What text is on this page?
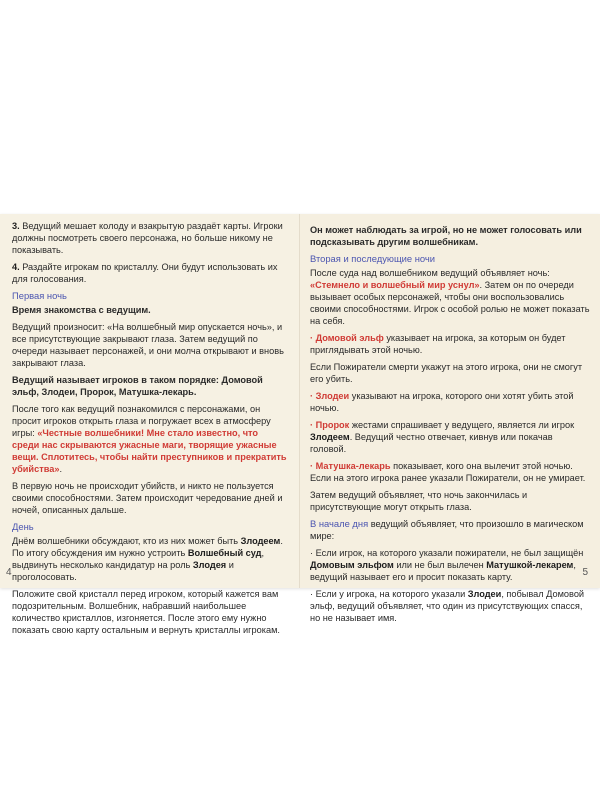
3. Ведущий мешает колоду и взакрытую раздаёт карты. Игроки должны посмотреть своего персонажа, но больше никому не показывать.

4. Раздайте игрокам по кристаллу. Они будут использовать их для голосования.

Первая ночь

Время знакомства с ведущим.

Ведущий произносит: «На волшебный мир опускается ночь», и все присутствующие закрывают глаза. Затем ведущий по очереди называет персонажей, и они молча открывают и вновь закрывают глаза.

Ведущий называет игроков в таком порядке: Домовой эльф, Злодеи, Пророк, Матушка-лекарь.

После того как ведущий познакомился с персонажами, он просит игроков открыть глаза и погружает всех в атмосферу игры: «Честные волшебники! Мне стало известно, что среди нас скрываются ужасные маги, творящие ужасные вещи. Сплотитесь, чтобы найти преступников и прекратить убийства».

В первую ночь не происходит убийств, и никто не пользуется своими способностями. Затем происходит чередование дней и ночей, описанных дальше.

День

Днём волшебники обсуждают, кто из них может быть Злодеем. По итогу обсуждения им нужно устроить Волшебный суд, выдвинуть несколько кандидатур на роль Злодея и проголосовать.

Положите свой кристалл перед игроком, который кажется вам подозрительным. Волшебник, набравший наибольшее количество кристаллов, изгоняется. После этого ему нужно показать свою карту остальным и вернуть кристаллы игрокам.

4

Он может наблюдать за игрой, но не может голосовать или подсказывать другим волшебникам.

Вторая и последующие ночи

После суда над волшебником ведущий объявляет ночь: «Стемнело и волшебный мир уснул». Затем он по очереди вызывает особых персонажей, чтобы они воспользовались своими способностями. Игрок с особой ролью не может показать на себя.

· Домовой эльф указывает на игрока, за которым он будет приглядывать этой ночью.

Если Пожиратели смерти укажут на этого игрока, они не смогут его убить.

· Злодеи указывают на игрока, которого они хотят убить этой ночью.

· Пророк жестами спрашивает у ведущего, является ли игрок Злодеем. Ведущий честно отвечает, кивнув или покачав головой.

· Матушка-лекарь показывает, кого она вылечит этой ночью. Если на этого игрока ранее указали Пожиратели, он не умирает.

Затем ведущий объявляет, что ночь закончилась и присутствующие могут открыть глаза.

В начале дня ведущий объявляет, что произошло в магическом мире:

· Если игрок, на которого указали пожиратели, не был защищён Домовым эльфом или не был вылечен Матушкой-лекарем, ведущий называет его и просит показать карту.

· Если у игрока, на которого указали Злодеи, побывал Домовой эльф, ведущий объявляет, что один из присутствующих спасся, но не называет имя.

5
